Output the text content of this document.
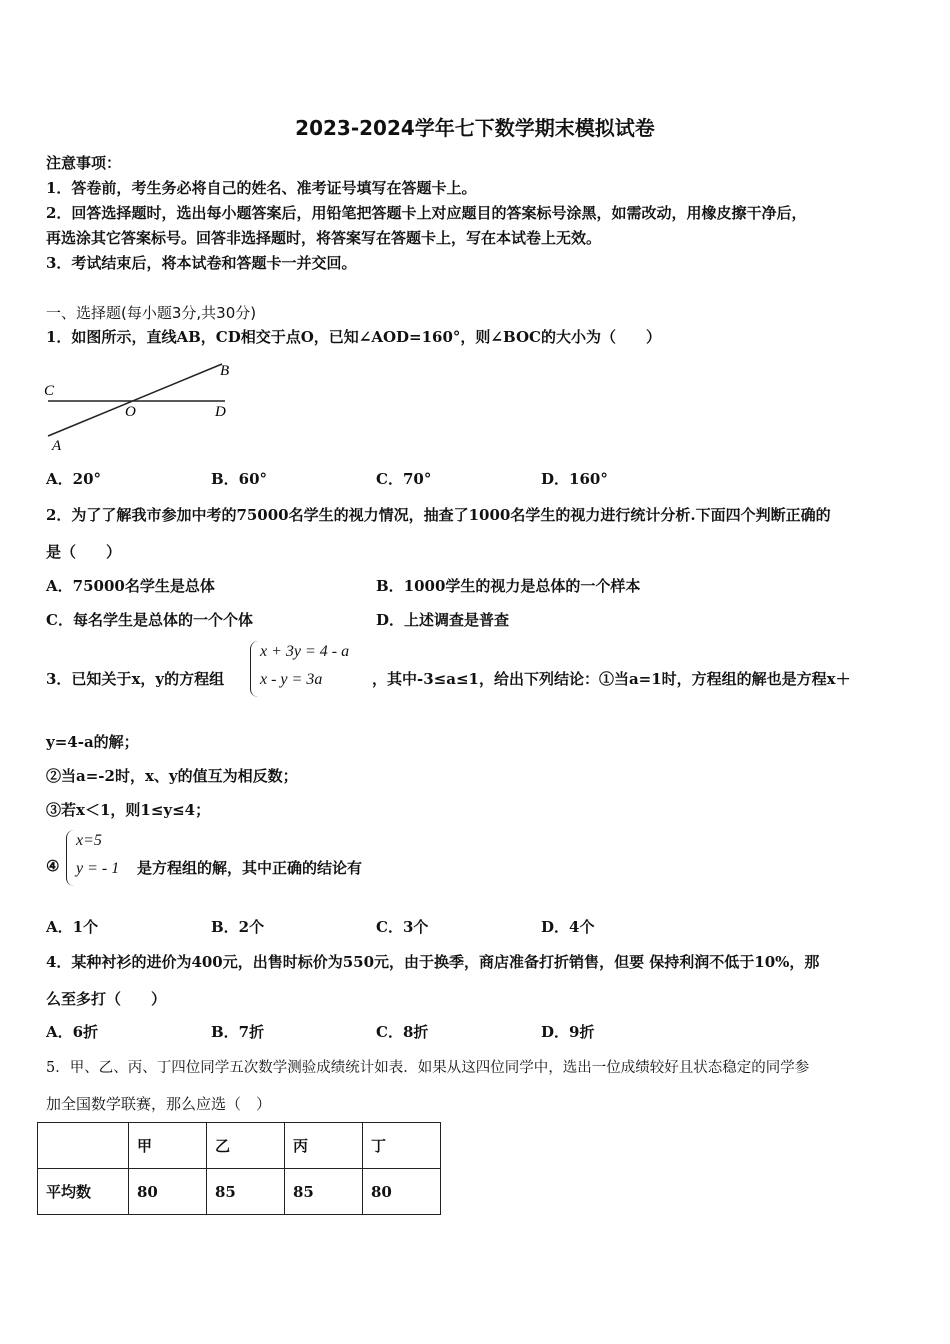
2023-2024学年七下数学期末模拟试卷
注意事项：
1．答卷前，考生务必将自己的姓名、准考证号填写在答题卡上。
2．回答选择题时，选出每小题答案后，用铅笔把答题卡上对应题目的答案标号涂黑，如需改动，用橡皮擦干净后，
再选涂其它答案标号。回答非选择题时，将答案写在答题卡上，写在本试卷上无效。
3．考试结束后，将本试卷和答题卡一并交回。
一、选择题(每小题3分,共30分)
1．如图所示，直线AB，CD相交于点O，已知∠AOD=160°，则∠BOC的大小为（　　）
C
B
O	D
A
A．20°	B．60°	C．70°	D．160°
2．为了了解我市参加中考的75000名学生的视力情况，抽查了1000名学生的视力进行统计分析.下面四个判断正确的
是（　　）
A．75000名学生是总体	B．1000学生的视力是总体的一个样本
C．每名学生是总体的一个个体	D．上述调查是普查
3．已知关于x，y的方程组
x + 3y = 4 - a
x - y = 3a	，其中-3≤a≤1，给出下列结论：①当a=1时，方程组的解也是方程x＋
y=4-a的解；
②当a=-2时，x、y的值互为相反数；
③若x＜1，则1≤y≤4；
④
x=5
y = - 1 是方程组的解，其中正确的结论有
A．1个	B．2个	C．3个	D．4个
4．某种衬衫的进价为400元，出售时标价为550元，由于换季，商店准备打折销售，但要 保持利润不低于10%，那
么至多打（　　）
A．6折	B．7折	C．8折	D．9折
5．甲、乙、丙、丁四位同学五次数学测验成绩统计如表．如果从这四位同学中，选出一位成绩较好且状态稳定的同学参
加全国数学联赛，那么应选（　）
	甲	乙	丙	丁
平均数	80	85	85	80
